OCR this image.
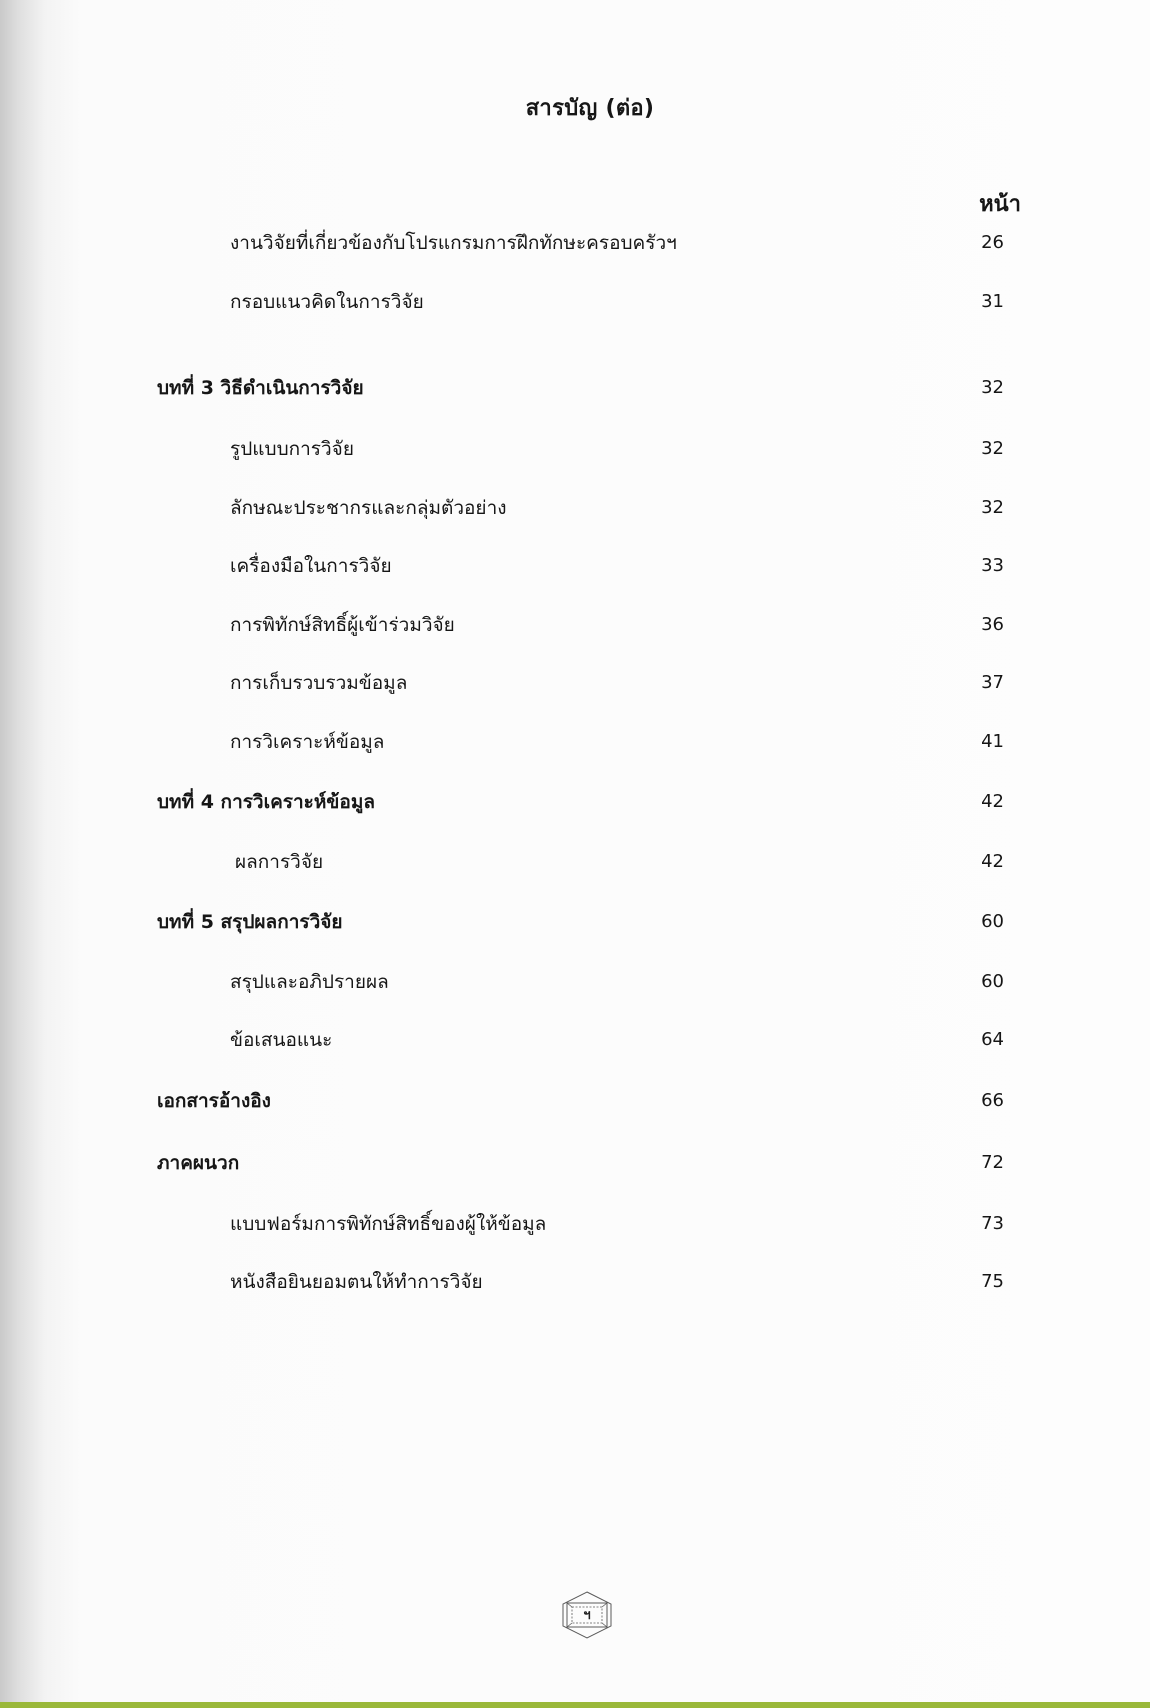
สารบัญ (ต่อ)
หน้า
งานวิจัยที่เกี่ยวข้องกับโปรแกรมการฝึกทักษะครอบครัวฯ	26
กรอบแนวคิดในการวิจัย	31
บทที่ 3 วิธีดำเนินการวิจัย	32
รูปแบบการวิจัย	32
ลักษณะประชากรและกลุ่มตัวอย่าง	32
เครื่องมือในการวิจัย	33
การพิทักษ์สิทธิ์ผู้เข้าร่วมวิจัย	36
การเก็บรวบรวมข้อมูล	37
การวิเคราะห์ข้อมูล	41
บทที่ 4 การวิเคราะห์ข้อมูล	42
ผลการวิจัย	42
บทที่ 5 สรุปผลการวิจัย	60
สรุปและอภิปรายผล	60
ข้อเสนอแนะ	64
เอกสารอ้างอิง	66
ภาคผนวก	72
แบบฟอร์มการพิทักษ์สิทธิ์ของผู้ให้ข้อมูล	73
หนังสือยินยอมตนให้ทำการวิจัย	75
ฯ
